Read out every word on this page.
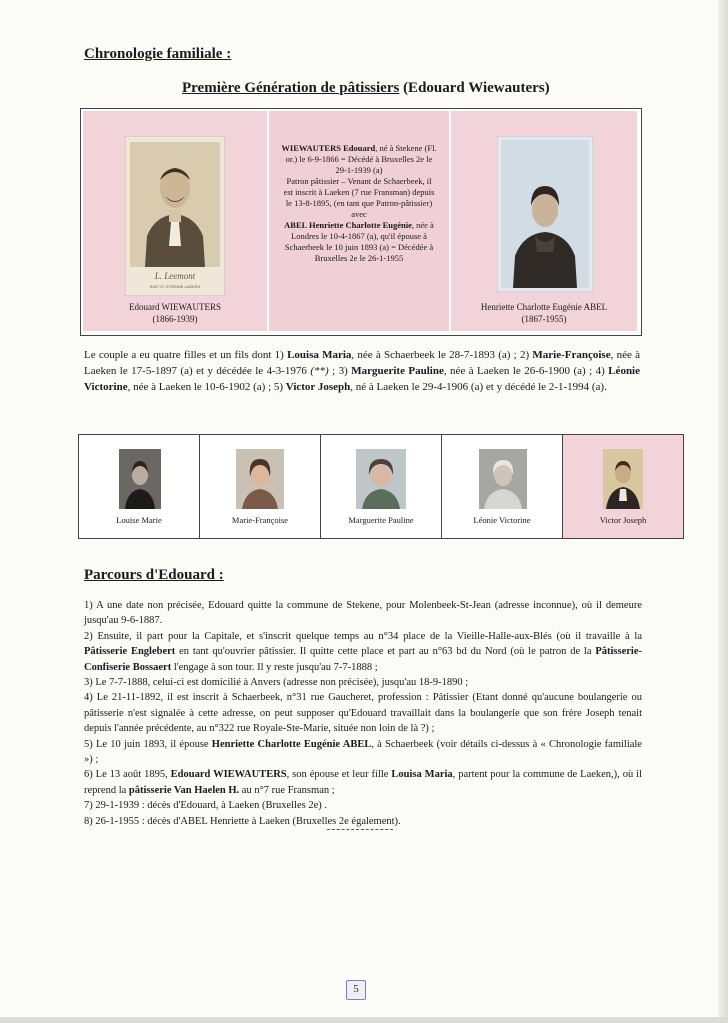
Chronologie familiale :
Première Génération de pâtissiers (Edouard Wiewauters)
L. Leemont
RUE ST. ETIENNE LAEKEN
Edouard WIEWAUTERS
(1866-1939)
WIEWAUTERS Edouard, né à Stekene (Fl. or.) le 6-9-1866 = Décédé à Bruxelles 2e le 29-1-1939 (a)
Patron pâtissier – Venant de Schaerbeek, il est inscrit à Laeken (7 rue Fransman) depuis le 13-8-1895, (en tant que Patron-pâtissier)
avec
ABEL Henriette Charlotte Eugénie, née à Londres le 10-4-1867 (a), qu'il épouse à Schaerbeek le 10 juin 1893 (a) = Décédée à Bruxelles 2e le 26-1-1955
Henriette Charlotte Eugénie ABEL
(1867-1955)
Le couple a eu quatre filles et un fils dont 1) Louisa Maria, née à Schaerbeek le 28-7-1893 (a) ; 2) Marie-Françoise, née à Laeken le 17-5-1897 (a) et y décédée le 4-3-1976 (**) ; 3) Marguerite Pauline, née à Laeken le 26-6-1900 (a) ; 4) Léonie Victorine, née à Laeken le 10-6-1902 (a) ; 5) Victor Joseph, né à Laeken le 29-4-1906 (a) et y décédé le 2-1-1994 (a).
Louise Marie	Marie-Françoise	Marguerite Pauline	Léonie Victorine	Victor Joseph
Parcours d'Edouard :
1) A une date non précisée, Edouard quitte la commune de Stekene, pour Molenbeek-St-Jean (adresse inconnue), où il demeure jusqu'au 9-6-1887.
2) Ensuite, il part pour la Capitale, et s'inscrit quelque temps au n°34 place de la Vieille-Halle-aux-Blés (où il travaille à la Pâtisserie Englebert en tant qu'ouvrier pâtissier. Il quitte cette place et part au n°63 bd du Nord (où le patron de la Pâtisserie-Confiserie Bossaert l'engage à son tour. Il y reste jusqu'au 7-7-1888 ;
3) Le 7-7-1888, celui-ci est domicilié à Anvers (adresse non précisée), jusqu'au 18-9-1890 ;
4) Le 21-11-1892, il est inscrit à Schaerbeek, n°31 rue Gaucheret, profession : Pâtissier (Etant donné qu'aucune boulangerie ou pâtisserie n'est signalée à cette adresse, on peut supposer qu'Edouard travaillait dans la boulangerie que son frère Joseph tenait depuis l'année précédente, au n°322 rue Royale-Ste-Marie, située non loin de là ?) ;
5) Le 10 juin 1893, il épouse Henriette Charlotte Eugénie ABEL, à Schaerbeek (voir détails ci-dessus à « Chronologie familiale ») ;
6) Le 13 août 1895, Edouard WIEWAUTERS, son épouse et leur fille Louisa Maria, partent pour la commune de Laeken,), où il reprend la pâtisserie Van Haelen H. au n°7 rue Fransman ;
7) 29-1-1939 : décès d'Edouard, à Laeken (Bruxelles 2e) .
8) 26-1-1955 : décès d'ABEL Henriette à Laeken (Bruxelles 2e également).
5
